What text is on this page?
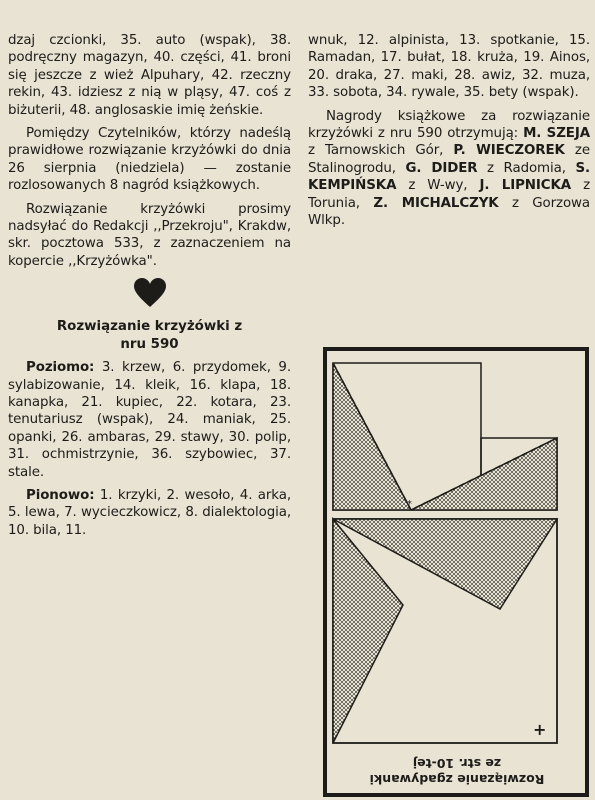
dzaj czcionki, 35. auto (wspak), 38. podręczny magazyn, 40. części, 41. broni się jeszcze z wież Alpuhary, 42. rzeczny rekin, 43. idziesz z nią w pląsy, 47. coś z biżuterii, 48. anglosaskie imię żeńskie.

Pomiędzy Czytelników, którzy nadeślą prawidłowe rozwiązanie krzyżówki do dnia 26 sierpnia (niedziela) — zostanie rozlosowanych 8 nagród książkowych.

Rozwiązanie krzyżówki prosimy nadsyłać do Redakcji ,,Przekroju", Krakdw, skr. pocztowa 533, z zaznaczeniem na kopercie ,,Krzyżówka".

Rozwiązanie krzyżówki z
nru 590

Poziomo: 3. krzew, 6. przydomek, 9. sylabizowanie, 14. kleik, 16. klapa, 18. kanapka, 21. kupiec, 22. kotara, 23. tenutariusz (wspak), 24. maniak, 25. opanki, 26. ambaras, 29. stawy, 30. polip, 31. ochmistrzynie, 36. szybowiec, 37. stale.

Pionowo: 1. krzyki, 2. wesoło, 4. arka, 5. lewa, 7. wycieczkowicz, 8. dialektologia, 10. bila, 11.

wnuk, 12. alpinista, 13. spotkanie, 15. Ramadan, 17. bułat, 18. kruża, 19. Ainos, 20. draka, 27. maki, 28. awiz, 32. muza, 33. sobota, 34. rywale, 35. bety (wspak).

Nagrody książkowe za rozwiązanie krzyżówki z nru 590 otrzymują: M. SZEJA z Tarnowskich Gór, P. WIECZOREK ze Stalinogrodu, G. DIDER z Radomia, S. KEMPIŃSKA z W-wy, J. LIPNICKA z Torunia, Z. MICHALCZYK z Gorzowa Wlkp.

*
+
Rozwiązanie zgadywanki
ze str. 10-tej
